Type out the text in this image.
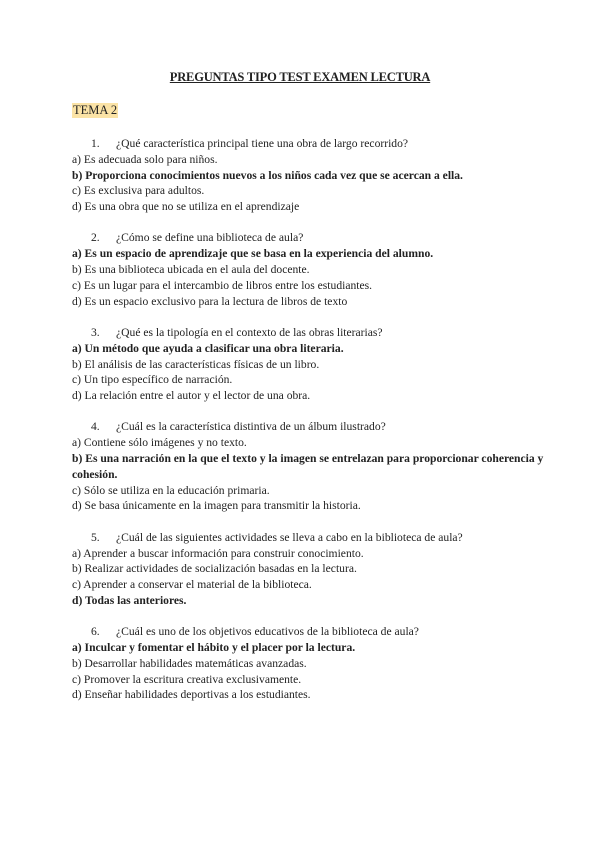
PREGUNTAS TIPO TEST EXAMEN LECTURA
TEMA 2
1. ¿Qué característica principal tiene una obra de largo recorrido?
a) Es adecuada solo para niños.
b) Proporciona conocimientos nuevos a los niños cada vez que se acercan a ella.
c) Es exclusiva para adultos.
d) Es una obra que no se utiliza en el aprendizaje
2. ¿Cómo se define una biblioteca de aula?
a) Es un espacio de aprendizaje que se basa en la experiencia del alumno.
b) Es una biblioteca ubicada en el aula del docente.
c) Es un lugar para el intercambio de libros entre los estudiantes.
d) Es un espacio exclusivo para la lectura de libros de texto
3. ¿Qué es la tipología en el contexto de las obras literarias?
a) Un método que ayuda a clasificar una obra literaria.
b) El análisis de las características físicas de un libro.
c) Un tipo específico de narración.
d) La relación entre el autor y el lector de una obra.
4. ¿Cuál es la característica distintiva de un álbum ilustrado?
a) Contiene sólo imágenes y no texto.
b) Es una narración en la que el texto y la imagen se entrelazan para proporcionar coherencia y cohesión.
c) Sólo se utiliza en la educación primaria.
d) Se basa únicamente en la imagen para transmitir la historia.
5. ¿Cuál de las siguientes actividades se lleva a cabo en la biblioteca de aula?
a) Aprender a buscar información para construir conocimiento.
b) Realizar actividades de socialización basadas en la lectura.
c) Aprender a conservar el material de la biblioteca.
d) Todas las anteriores.
6. ¿Cuál es uno de los objetivos educativos de la biblioteca de aula?
a) Inculcar y fomentar el hábito y el placer por la lectura.
b) Desarrollar habilidades matemáticas avanzadas.
c) Promover la escritura creativa exclusivamente.
d) Enseñar habilidades deportivas a los estudiantes.
